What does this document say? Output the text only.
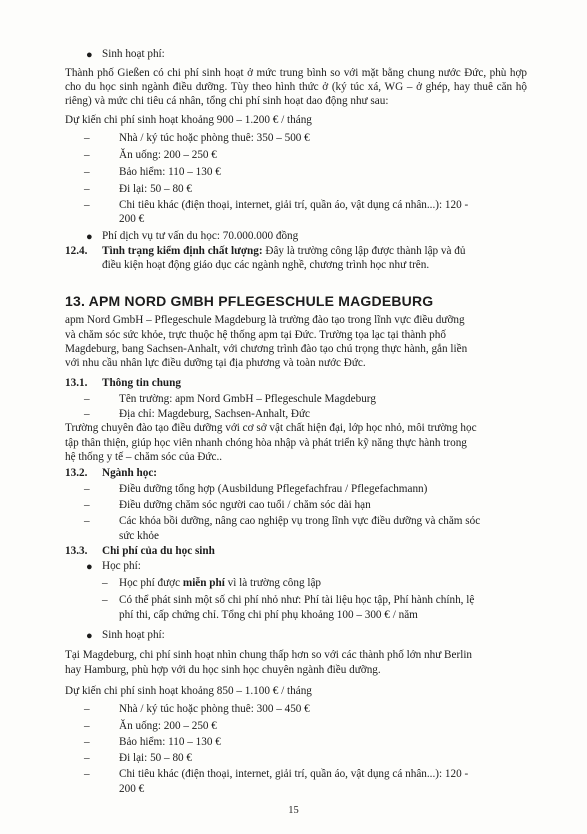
● Sinh hoạt phí:
Thành phố Gießen có chi phí sinh hoạt ở mức trung bình so với mặt bằng chung nước Đức, phù hợp cho du học sinh ngành điều dưỡng. Tùy theo hình thức ở (ký túc xá, WG – ở ghép, hay thuê căn hộ riêng) và mức chi tiêu cá nhân, tổng chi phí sinh hoạt dao động như sau:
Dự kiến chi phí sinh hoạt khoảng 900 – 1.200 € / tháng
–	Nhà / ký túc hoặc phòng thuê: 350 – 500 €
–	Ăn uống: 200 – 250 €
–	Bảo hiểm: 110 – 130 €
–	Đi lại: 50 – 80 €
–	Chi tiêu khác (điện thoại, internet, giải trí, quần áo, vật dụng cá nhân...): 120 -
200 €
● Phí dịch vụ tư vấn du học: 70.000.000 đồng
12.4. Tình trạng kiểm định chất lượng: Đây là trường công lập được thành lập và đủ
điều kiện hoạt động giáo dục các ngành nghề, chương trình học như trên.
13. APM NORD GMBH PFLEGESCHULE MAGDEBURG
apm Nord GmbH – Pflegeschule Magdeburg là trường đào tạo trong lĩnh vực điều dưỡng
và chăm sóc sức khỏe, trực thuộc hệ thống apm tại Đức. Trường tọa lạc tại thành phố
Magdeburg, bang Sachsen-Anhalt, với chương trình đào tạo chú trọng thực hành, gắn liền
với nhu cầu nhân lực điều dưỡng tại địa phương và toàn nước Đức.
13.1. Thông tin chung
–	Tên trường: apm Nord GmbH – Pflegeschule Magdeburg
–	Địa chỉ: Magdeburg, Sachsen-Anhalt, Đức
Trường chuyên đào tạo điều dưỡng với cơ sở vật chất hiện đại, lớp học nhỏ, môi trường học
tập thân thiện, giúp học viên nhanh chóng hòa nhập và phát triển kỹ năng thực hành trong
hệ thống y tế – chăm sóc của Đức..
13.2. Ngành học:
–	Điều dưỡng tổng hợp (Ausbildung Pflegefachfrau / Pflegefachmann)
–	Điều dưỡng chăm sóc người cao tuổi / chăm sóc dài hạn
–	Các khóa bồi dưỡng, nâng cao nghiệp vụ trong lĩnh vực điều dưỡng và chăm sóc
sức khỏe
13.3. Chi phí của du học sinh
● Học phí:
– Học phí được miễn phí vì là trường công lập
– Có thể phát sinh một số chi phí nhỏ như: Phí tài liệu học tập, Phí hành chính, lệ
phí thi, cấp chứng chỉ. Tổng chi phí phụ khoảng 100 – 300 € / năm
● Sinh hoạt phí:
Tại Magdeburg, chi phí sinh hoạt nhìn chung thấp hơn so với các thành phố lớn như Berlin
hay Hamburg, phù hợp với du học sinh học chuyên ngành điều dưỡng.
Dự kiến chi phí sinh hoạt khoảng 850 – 1.100 € / tháng
–	Nhà / ký túc hoặc phòng thuê: 300 – 450 €
–	Ăn uống: 200 – 250 €
–	Bảo hiểm: 110 – 130 €
–	Đi lại: 50 – 80 €
–	Chi tiêu khác (điện thoại, internet, giải trí, quần áo, vật dụng cá nhân...): 120 -
200 €
15
